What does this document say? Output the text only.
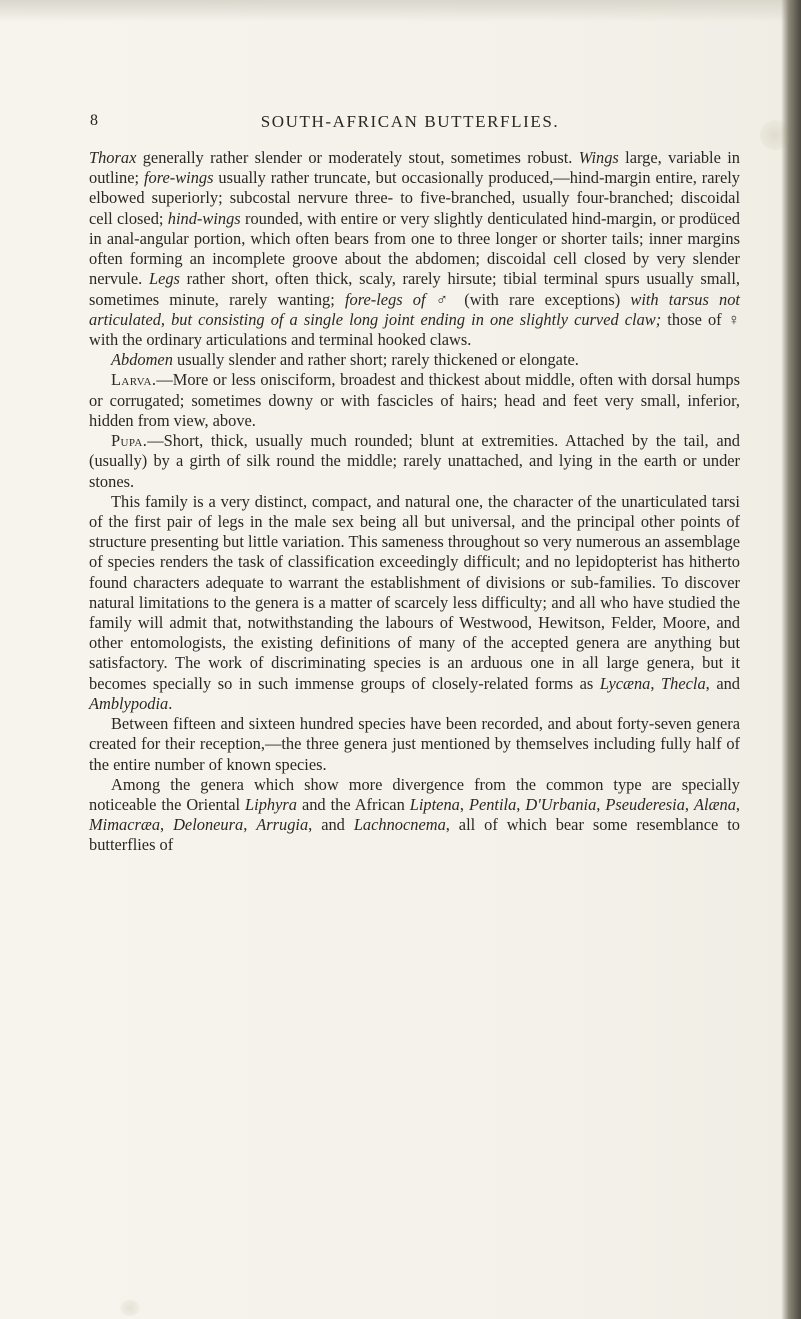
8	SOUTH-AFRICAN BUTTERFLIES.

Thorax generally rather slender or moderately stout, sometimes robust. Wings large, variable in outline; fore-wings usually rather truncate, but occasionally produced,—hind-margin entire, rarely elbowed superiorly; subcostal nervure three- to five-branched, usually four-branched; discoidal cell closed; hind-wings rounded, with entire or very slightly denticulated hind-margin, or prodüced in anal-angular portion, which often bears from one to three longer or shorter tails; inner margins often forming an incomplete groove about the abdomen; discoidal cell closed by very slender nervule. Legs rather short, often thick, scaly, rarely hirsute; tibial terminal spurs usually small, sometimes minute, rarely wanting; fore-legs of ♂ (with rare exceptions) with tarsus not articulated, but consisting of a single long joint ending in one slightly curved claw; those of ♀ with the ordinary articulations and terminal hooked claws.

Abdomen usually slender and rather short; rarely thickened or elongate.

Larva.—More or less onisciform, broadest and thickest about middle, often with dorsal humps or corrugated; sometimes downy or with fascicles of hairs; head and feet very small, inferior, hidden from view, above.

Pupa.—Short, thick, usually much rounded; blunt at extremities. Attached by the tail, and (usually) by a girth of silk round the middle; rarely unattached, and lying in the earth or under stones.

This family is a very distinct, compact, and natural one, the character of the unarticulated tarsi of the first pair of legs in the male sex being all but universal, and the principal other points of structure presenting but little variation. This sameness throughout so very numerous an assemblage of species renders the task of classification exceedingly difficult; and no lepidopterist has hitherto found characters adequate to warrant the establishment of divisions or sub-families. To discover natural limitations to the genera is a matter of scarcely less difficulty; and all who have studied the family will admit that, notwithstanding the labours of Westwood, Hewitson, Felder, Moore, and other entomologists, the existing definitions of many of the accepted genera are anything but satisfactory. The work of discriminating species is an arduous one in all large genera, but it becomes specially so in such immense groups of closely-related forms as Lycæna, Thecla, and Amblypodia.

Between fifteen and sixteen hundred species have been recorded, and about forty-seven genera created for their reception,—the three genera just mentioned by themselves including fully half of the entire number of known species.

Among the genera which show more divergence from the common type are specially noticeable the Oriental Liphyra and the African Liptena, Pentila, D'Urbania, Pseuderesia, Alæna, Mimacræa, Deloneura, Arrugia, and Lachnocnema, all of which bear some resemblance to butterflies of
